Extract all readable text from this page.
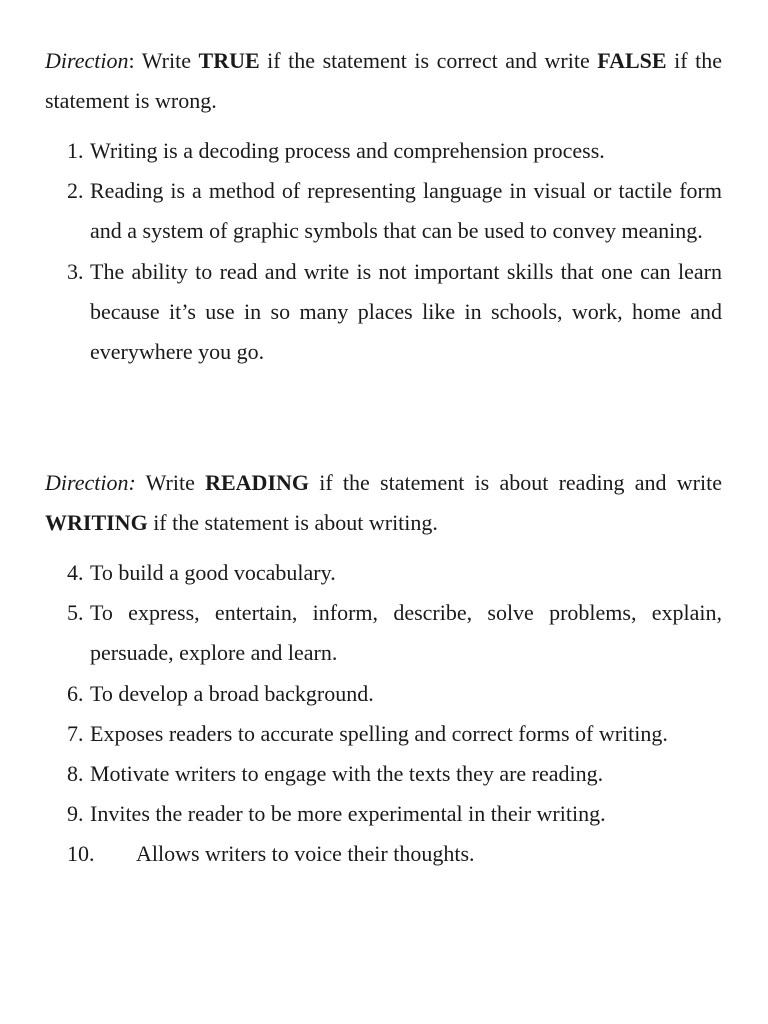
Direction: Write TRUE if the statement is correct and write FALSE if the statement is wrong.

1. Writing is a decoding process and comprehension process.
2. Reading is a method of representing language in visual or tactile form and a system of graphic symbols that can be used to convey meaning.
3. The ability to read and write is not important skills that one can learn because it’s use in so many places like in schools, work, home and everywhere you go.

Direction: Write READING if the statement is about reading and write WRITING if the statement is about writing.

4. To build a good vocabulary.
5. To express, entertain, inform, describe, solve problems, explain, persuade, explore and learn.
6. To develop a broad background.
7. Exposes readers to accurate spelling and correct forms of writing.
8. Motivate writers to engage with the texts they are reading.
9. Invites the reader to be more experimental in their writing.
10. Allows writers to voice their thoughts.
